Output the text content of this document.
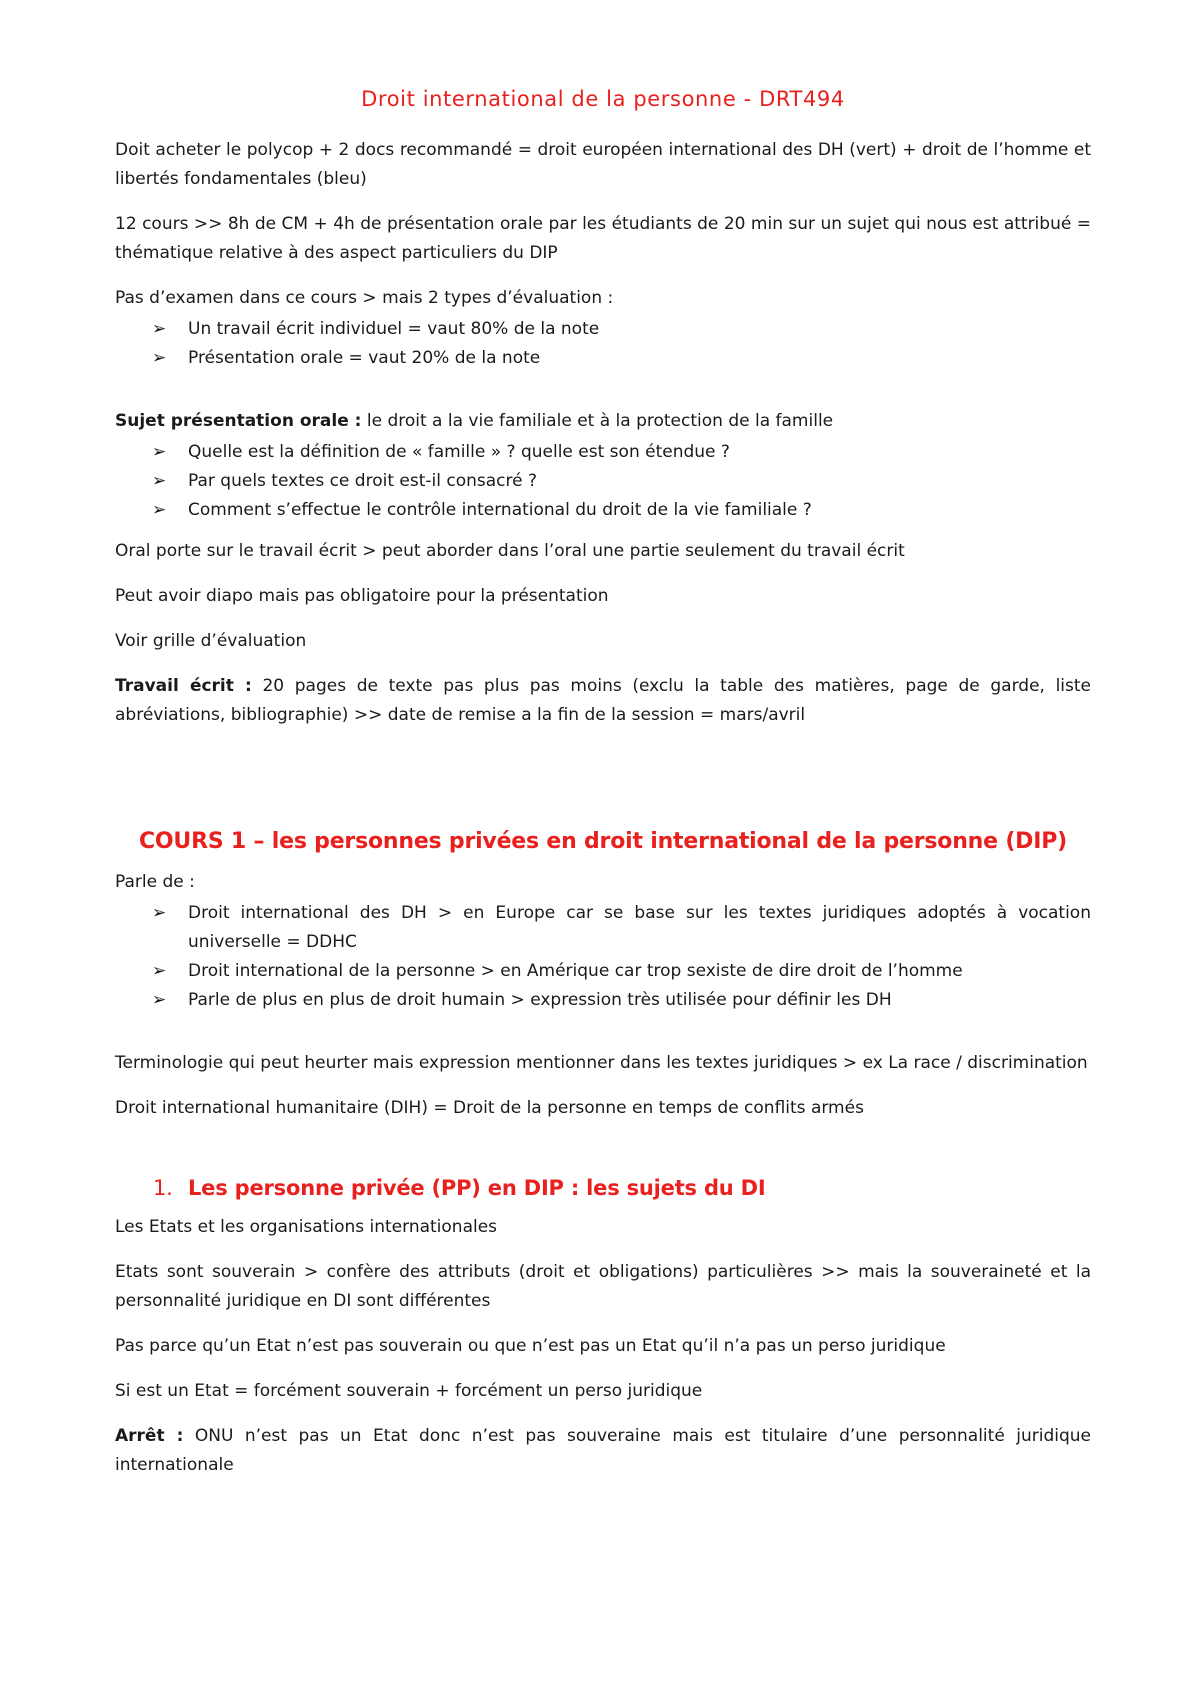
Droit international de la personne - DRT494

Doit acheter le polycop + 2 docs recommandé = droit européen international des DH (vert) + droit de l’homme et libertés fondamentales (bleu)

12 cours >> 8h de CM + 4h de présentation orale par les étudiants de 20 min sur un sujet qui nous est attribué = thématique relative à des aspect particuliers du DIP

Pas d’examen dans ce cours > mais 2 types d’évaluation :

➢ Un travail écrit individuel = vaut 80% de la note
➢ Présentation orale = vaut 20% de la note

Sujet présentation orale : le droit a la vie familiale et à la protection de la famille

➢ Quelle est la définition de « famille » ? quelle est son étendue ?
➢ Par quels textes ce droit est-il consacré ?
➢ Comment s’effectue le contrôle international du droit de la vie familiale ?

Oral porte sur le travail écrit > peut aborder dans l’oral une partie seulement du travail écrit

Peut avoir diapo mais pas obligatoire pour la présentation

Voir grille d’évaluation

Travail écrit : 20 pages de texte pas plus pas moins (exclu la table des matières, page de garde, liste abréviations, bibliographie) >> date de remise a la fin de la session = mars/avril

COURS 1 – les personnes privées en droit international de la personne (DIP)

Parle de :

➢ Droit international des DH > en Europe car se base sur les textes juridiques adoptés à vocation universelle = DDHC
➢ Droit international de la personne > en Amérique car trop sexiste de dire droit de l’homme
➢ Parle de plus en plus de droit humain > expression très utilisée pour définir les DH

Terminologie qui peut heurter mais expression mentionner dans les textes juridiques > ex La race / discrimination

Droit international humanitaire (DIH) = Droit de la personne en temps de conflits armés

1. Les personne privée (PP) en DIP : les sujets du DI

Les Etats et les organisations internationales

Etats sont souverain > confère des attributs (droit et obligations) particulières >> mais la souveraineté et la personnalité juridique en DI sont différentes

Pas parce qu’un Etat n’est pas souverain ou que n’est pas un Etat qu’il n’a pas un perso juridique

Si est un Etat = forcément souverain + forcément un perso juridique

Arrêt : ONU n’est pas un Etat donc n’est pas souveraine mais est titulaire d’une personnalité juridique internationale
